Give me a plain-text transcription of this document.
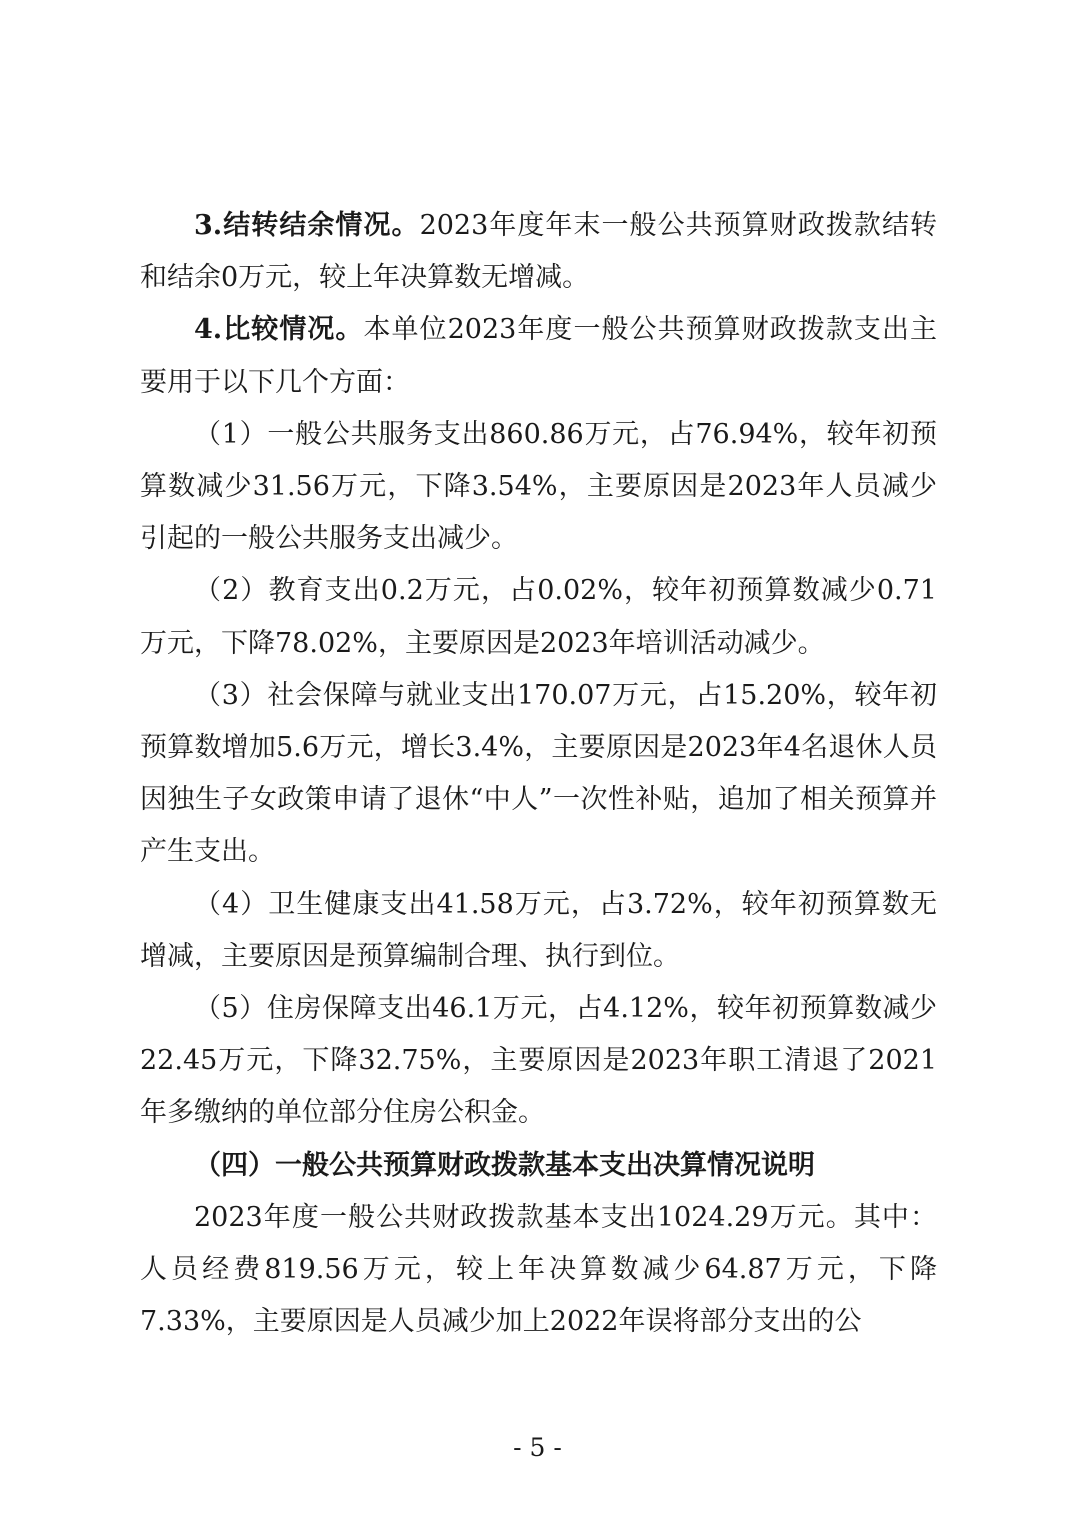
3.结转结余情况。2023年度年末一般公共预算财政拨款结转和结余0万元，较上年决算数无增减。

4.比较情况。本单位2023年度一般公共预算财政拨款支出主要用于以下几个方面：

（1）一般公共服务支出860.86万元，占76.94%，较年初预算数减少31.56万元，下降3.54%，主要原因是2023年人员减少引起的一般公共服务支出减少。

（2）教育支出0.2万元，占0.02%，较年初预算数减少0.71万元，下降78.02%，主要原因是2023年培训活动减少。

（3）社会保障与就业支出170.07万元，占15.20%，较年初预算数增加5.6万元，增长3.4%，主要原因是2023年4名退休人员因独生子女政策申请了退休“中人”一次性补贴，追加了相关预算并产生支出。

（4）卫生健康支出41.58万元，占3.72%，较年初预算数无增减，主要原因是预算编制合理、执行到位。

（5）住房保障支出46.1万元，占4.12%，较年初预算数减少22.45万元，下降32.75%，主要原因是2023年职工清退了2021年多缴纳的单位部分住房公积金。

（四）一般公共预算财政拨款基本支出决算情况说明

2023年度一般公共财政拨款基本支出1024.29万元。其中：人员经费819.56万元，较上年决算数减少64.87万元，下降7.33%，主要原因是人员减少加上2022年误将部分支出的公

- 5 -
